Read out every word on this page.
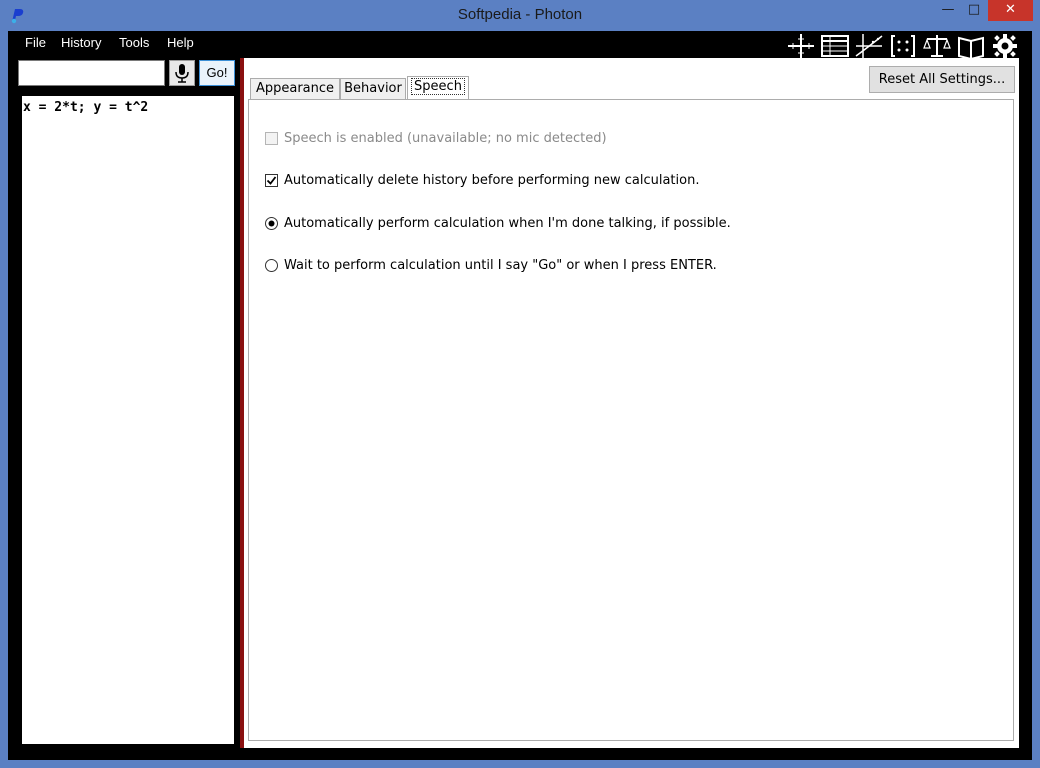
Softpedia - Photon	—	□	✕
File History Tools Help
Go!
x = 2*t; y = t^2
Reset All Settings...
Appearance Behavior Speech
Speech is enabled (unavailable; no mic detected)
Automatically delete history before performing new calculation.
Automatically perform calculation when I'm done talking, if possible.
Wait to perform calculation until I say "Go" or when I press ENTER.
